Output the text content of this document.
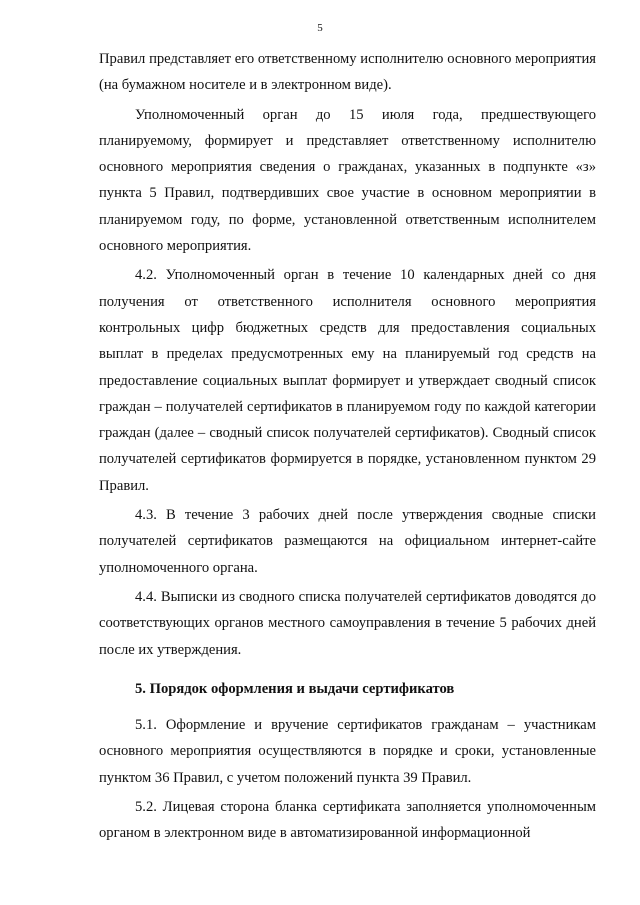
5

Правил представляет его ответственному исполнителю основного мероприятия (на бумажном носителе и в электронном виде).

Уполномоченный орган до 15 июля года, предшествующего планируемому, формирует и представляет ответственному исполнителю основного мероприятия сведения о гражданах, указанных в подпункте «з» пункта 5 Правил, подтвердивших свое участие в основном мероприятии в планируемом году, по форме, установленной ответственным исполнителем основного мероприятия.

4.2. Уполномоченный орган в течение 10 календарных дней со дня получения от ответственного исполнителя основного мероприятия контрольных цифр бюджетных средств для предоставления социальных выплат в пределах предусмотренных ему на планируемый год средств на предоставление социальных выплат формирует и утверждает сводный список граждан – получателей сертификатов в планируемом году по каждой категории граждан (далее – сводный список получателей сертификатов). Сводный список получателей сертификатов формируется в порядке, установленном пунктом 29 Правил.

4.3. В течение 3 рабочих дней после утверждения сводные списки получателей сертификатов размещаются на официальном интернет-сайте уполномоченного органа.

4.4. Выписки из сводного списка получателей сертификатов доводятся до соответствующих органов местного самоуправления в течение 5 рабочих дней после их утверждения.

5. Порядок оформления и выдачи сертификатов

5.1. Оформление и вручение сертификатов гражданам – участникам основного мероприятия осуществляются в порядке и сроки, установленные пунктом 36 Правил, с учетом положений пункта 39 Правил.

5.2. Лицевая сторона бланка сертификата заполняется уполномоченным органом в электронном виде в автоматизированной информационной
